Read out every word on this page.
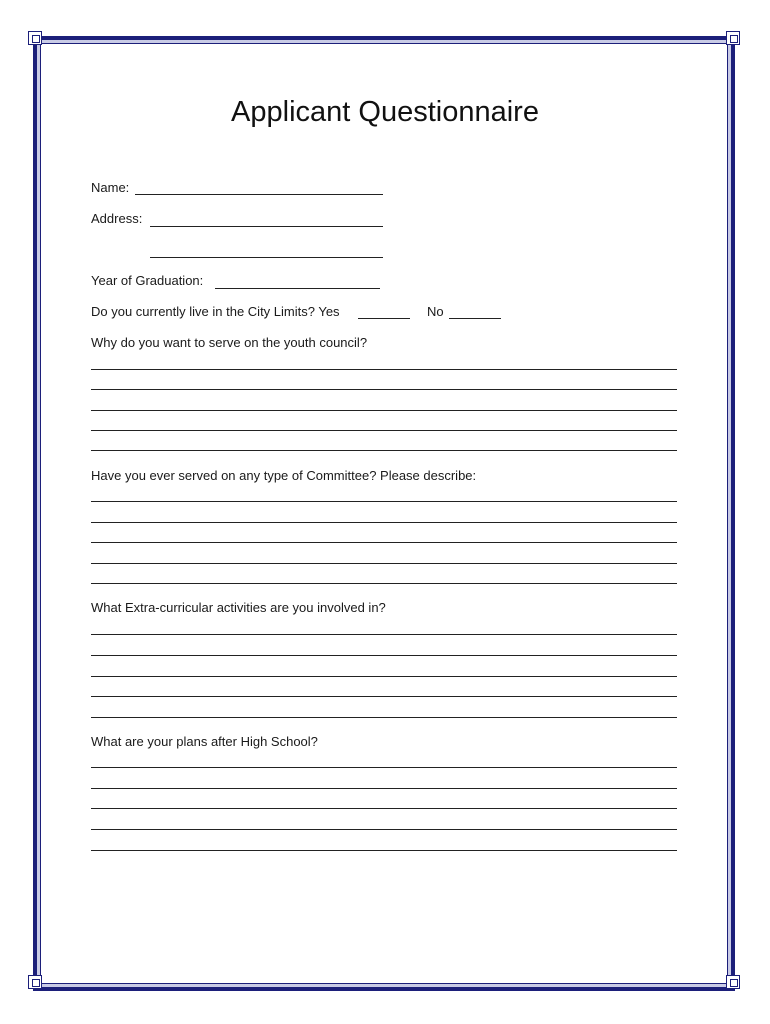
Applicant Questionnaire
Name:
Address:
Year of Graduation:
Do you currently live in the City Limits? Yes	No
Why do you want to serve on the youth council?
Have you ever served on any type of Committee? Please describe:
What Extra-curricular activities are you involved in?
What are your plans after High School?
